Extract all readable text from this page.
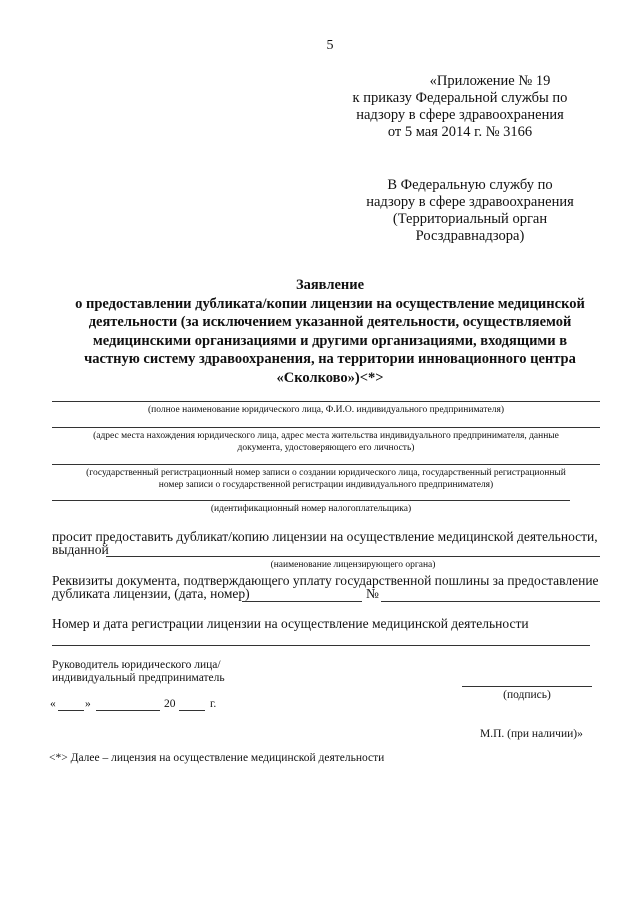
5
«Приложение № 19
к приказу Федеральной службы по
надзору в сфере здравоохранения
от 5 мая 2014 г. № 3166
В Федеральную службу по
надзору в сфере здравоохранения
(Территориальный орган
Росздравнадзора)
Заявление
о предоставлении дубликата/копии лицензии на осуществление медицинской
деятельности (за исключением указанной деятельности, осуществляемой
медицинскими организациями и другими организациями, входящими в
частную систему здравоохранения, на территории инновационного центра
«Сколково»)<*>
(полное наименование юридического лица, Ф.И.О. индивидуального предпринимателя)
(адрес места нахождения юридического лица, адрес места жительства индивидуального предпринимателя, данные
документа, удостоверяющего его личность)
(государственный регистрационный номер записи о создании юридического лица, государственный регистрационный
номер записи о государственной регистрации индивидуального предпринимателя)
(идентификационный номер налогоплательщика)
просит предоставить дубликат/копию лицензии на осуществление медицинской деятельности,
выданной
(наименование лицензирующего органа)
Реквизиты документа, подтверждающего уплату государственной пошлины за предоставление
дубликата лицензии, (дата, номер)	№
Номер и дата регистрации лицензии на осуществление медицинской деятельности
Руководитель юридического лица/
индивидуальный предприниматель
(подпись)
«	»	20	г.
М.П. (при наличии)»
<*> Далее – лицензия на осуществление медицинской деятельности
